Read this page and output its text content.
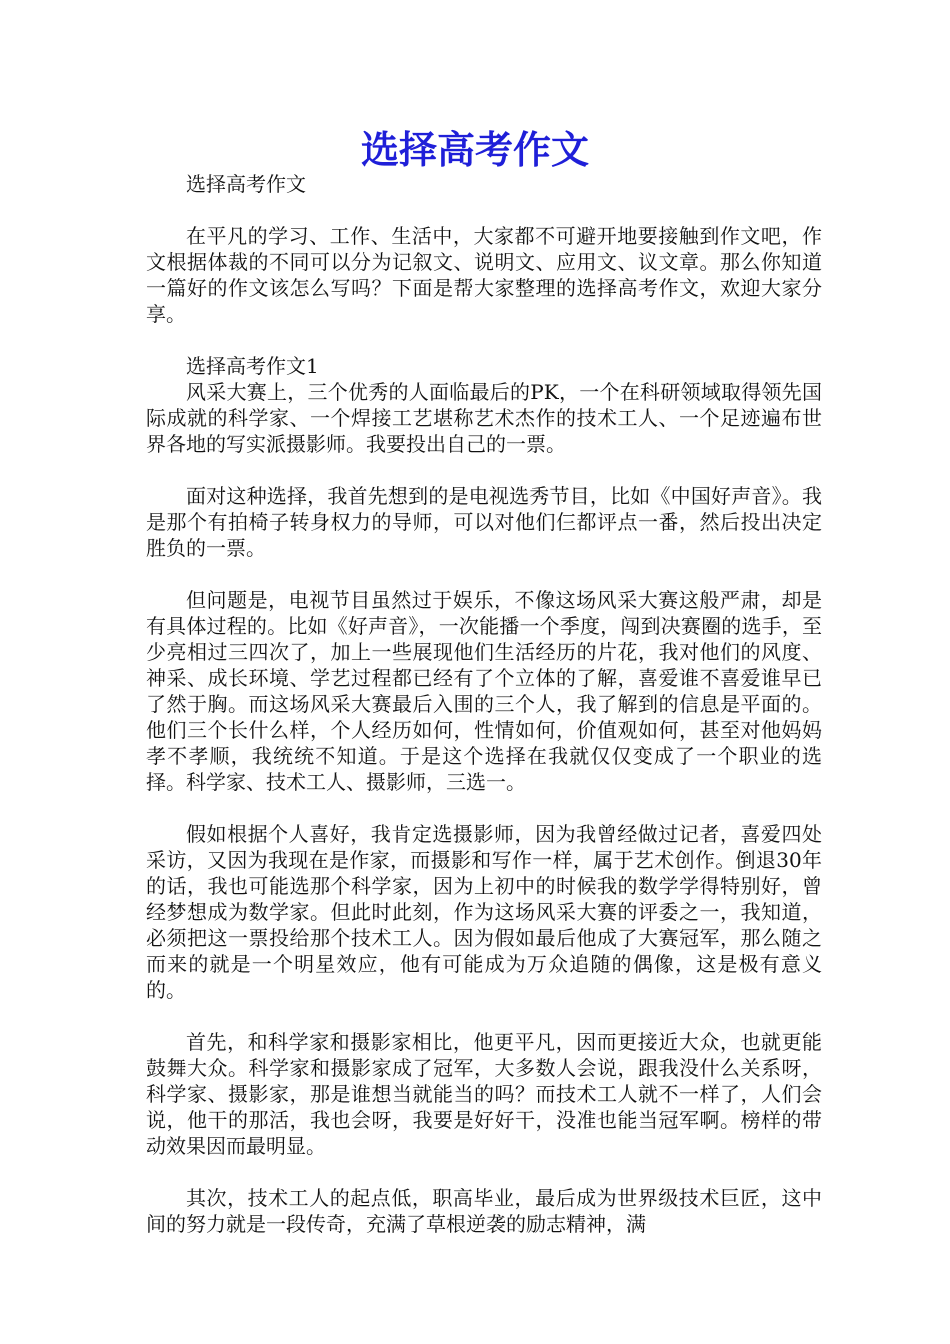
选择高考作文

选择高考作文

在平凡的学习、工作、生活中，大家都不可避开地要接触到作文吧，作文根据体裁的不同可以分为记叙文、说明文、应用文、议文章。那么你知道一篇好的作文该怎么写吗？下面是帮大家整理的选择高考作文，欢迎大家分享。

选择高考作文1

风采大赛上，三个优秀的人面临最后的PK，一个在科研领域取得领先国际成就的科学家、一个焊接工艺堪称艺术杰作的技术工人、一个足迹遍布世界各地的写实派摄影师。我要投出自己的一票。

面对这种选择，我首先想到的是电视选秀节目，比如《中国好声音》。我是那个有拍椅子转身权力的导师，可以对他们仨都评点一番，然后投出决定胜负的一票。

但问题是，电视节目虽然过于娱乐，不像这场风采大赛这般严肃，却是有具体过程的。比如《好声音》，一次能播一个季度，闯到决赛圈的选手，至少亮相过三四次了，加上一些展现他们生活经历的片花，我对他们的风度、神采、成长环境、学艺过程都已经有了个立体的了解，喜爱谁不喜爱谁早已了然于胸。而这场风采大赛最后入围的三个人，我了解到的信息是平面的。他们三个长什么样，个人经历如何，性情如何，价值观如何，甚至对他妈妈孝不孝顺，我统统不知道。于是这个选择在我就仅仅变成了一个职业的选择。科学家、技术工人、摄影师，三选一。

假如根据个人喜好，我肯定选摄影师，因为我曾经做过记者，喜爱四处采访，又因为我现在是作家，而摄影和写作一样，属于艺术创作。倒退30年的话，我也可能选那个科学家，因为上初中的时候我的数学学得特别好，曾经梦想成为数学家。但此时此刻，作为这场风采大赛的评委之一，我知道，必须把这一票投给那个技术工人。因为假如最后他成了大赛冠军，那么随之而来的就是一个明星效应，他有可能成为万众追随的偶像，这是极有意义的。

首先，和科学家和摄影家相比，他更平凡，因而更接近大众，也就更能鼓舞大众。科学家和摄影家成了冠军，大多数人会说，跟我没什么关系呀，科学家、摄影家，那是谁想当就能当的吗？而技术工人就不一样了，人们会说，他干的那活，我也会呀，我要是好好干，没准也能当冠军啊。榜样的带动效果因而最明显。

其次，技术工人的起点低，职高毕业，最后成为世界级技术巨匠，这中间的努力就是一段传奇，充满了草根逆袭的励志精神，满
